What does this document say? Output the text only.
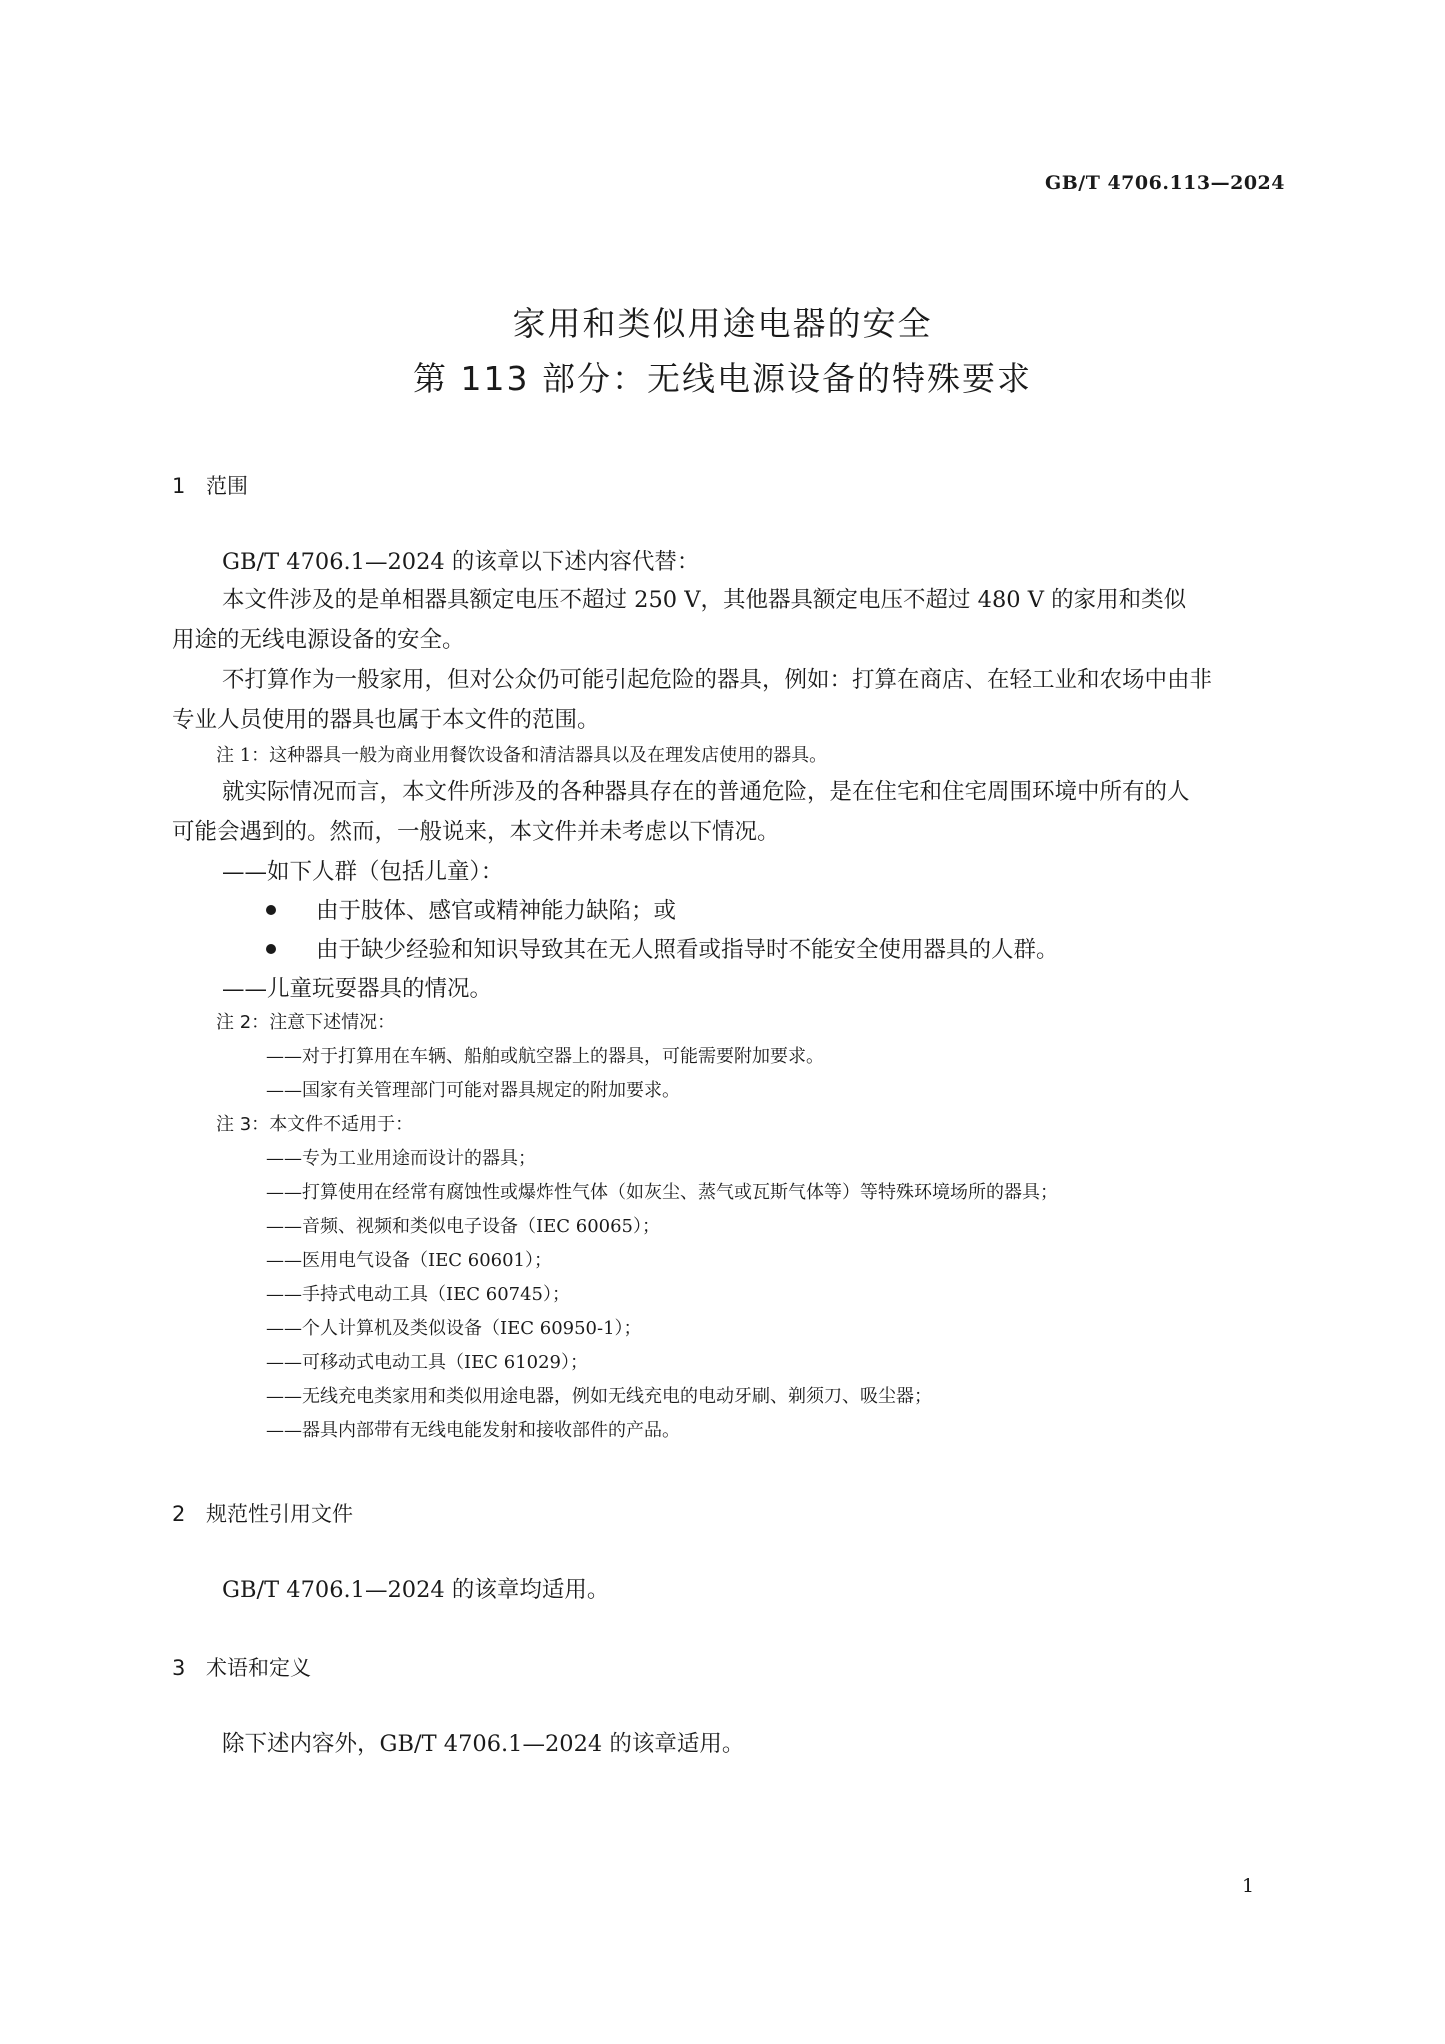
GB/T 4706.113—2024
家用和类似用途电器的安全
第 113 部分：无线电源设备的特殊要求
1 范围
GB/T 4706.1—2024 的该章以下述内容代替：
本文件涉及的是单相器具额定电压不超过 250 V，其他器具额定电压不超过 480 V 的家用和类似
用途的无线电源设备的安全。
不打算作为一般家用，但对公众仍可能引起危险的器具，例如：打算在商店、在轻工业和农场中由非
专业人员使用的器具也属于本文件的范围。
注 1：这种器具一般为商业用餐饮设备和清洁器具以及在理发店使用的器具。
就实际情况而言，本文件所涉及的各种器具存在的普通危险，是在住宅和住宅周围环境中所有的人
可能会遇到的。然而，一般说来，本文件并未考虑以下情况。
——如下人群（包括儿童）：
由于肢体、感官或精神能力缺陷；或
由于缺少经验和知识导致其在无人照看或指导时不能安全使用器具的人群。
——儿童玩耍器具的情况。
注 2：注意下述情况：
——对于打算用在车辆、船舶或航空器上的器具，可能需要附加要求。
——国家有关管理部门可能对器具规定的附加要求。
注 3：本文件不适用于：
——专为工业用途而设计的器具；
——打算使用在经常有腐蚀性或爆炸性气体（如灰尘、蒸气或瓦斯气体等）等特殊环境场所的器具；
——音频、视频和类似电子设备（IEC 60065）；
——医用电气设备（IEC 60601）；
——手持式电动工具（IEC 60745）；
——个人计算机及类似设备（IEC 60950-1）；
——可移动式电动工具（IEC 61029）；
——无线充电类家用和类似用途电器，例如无线充电的电动牙刷、剃须刀、吸尘器；
——器具内部带有无线电能发射和接收部件的产品。
2 规范性引用文件
GB/T 4706.1—2024 的该章均适用。
3 术语和定义
除下述内容外，GB/T 4706.1—2024 的该章适用。
1
